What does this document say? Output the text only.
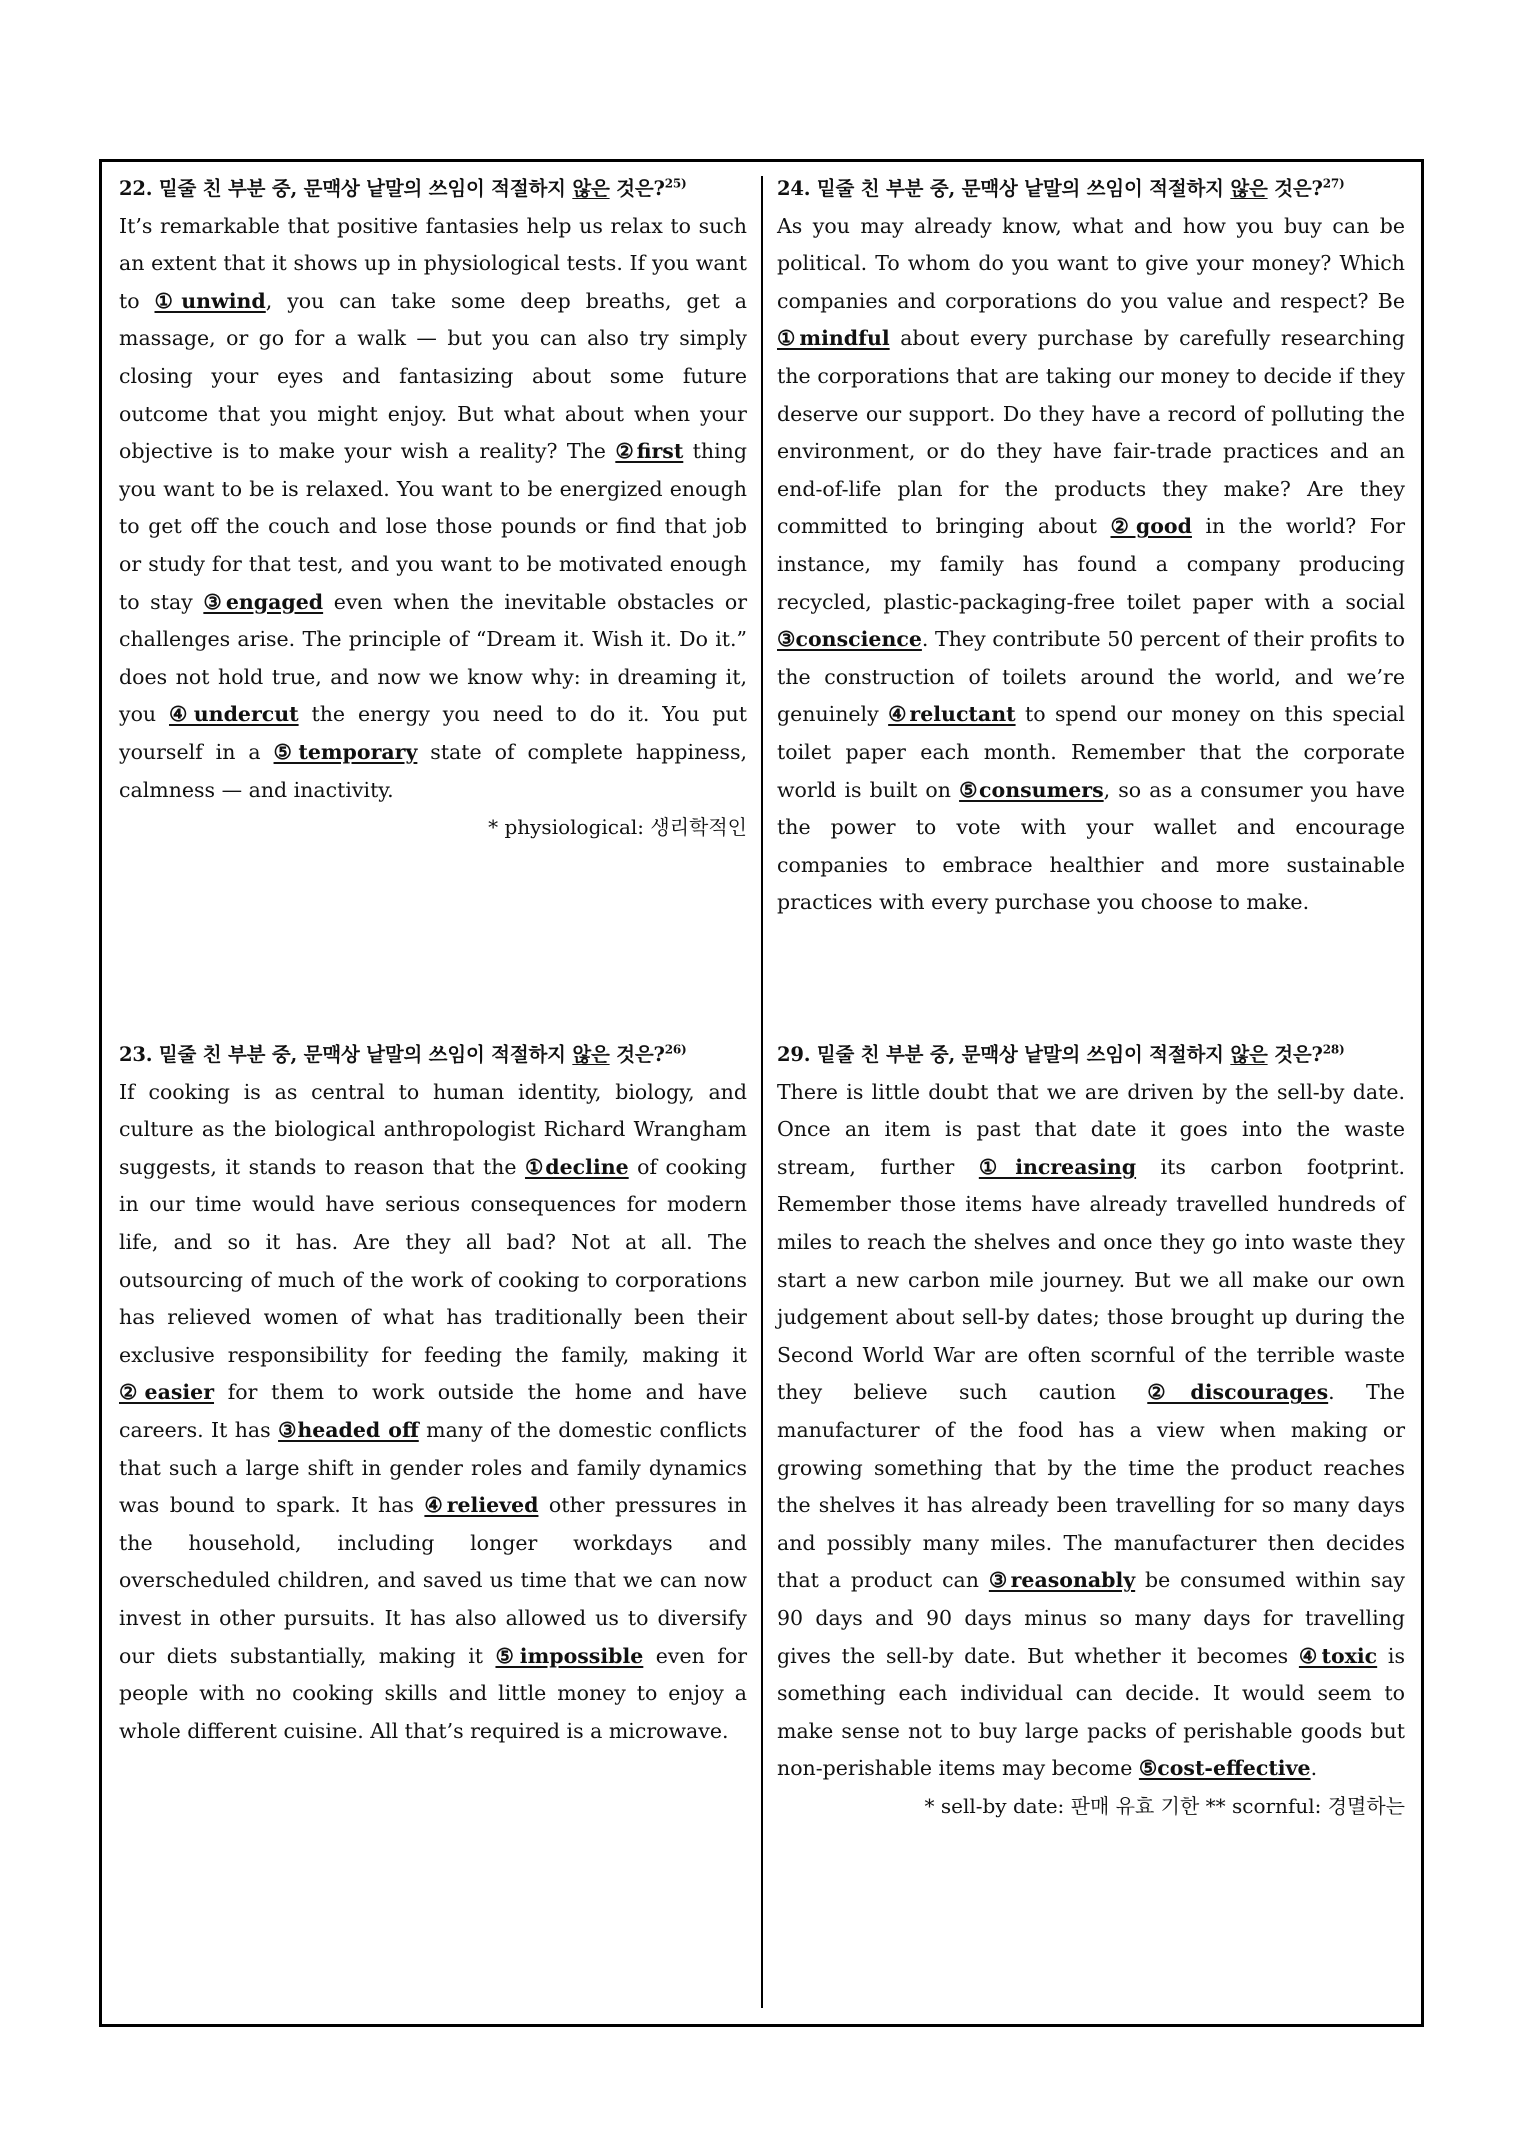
22. 밑줄 친 부분 중, 문맥상 낱말의 쓰임이 적절하지 않은 것은?$^{25)}$
It’s remarkable that positive fantasies help us relax to such an extent that it shows up in physiological tests. If you want to ①unwind, you can take some deep breaths, get a massage, or go for a walk — but you can also try simply closing your eyes and fantasizing about some future outcome that you might enjoy. But what about when your objective is to make your wish a reality? The ②first thing you want to be is relaxed. You want to be energized enough to get off the couch and lose those pounds or find that job or study for that test, and you want to be motivated enough to stay ③engaged even when the inevitable obstacles or challenges arise. The principle of “Dream it. Wish it. Do it.” does not hold true, and now we know why: in dreaming it, you ④undercut the energy you need to do it. You put yourself in a ⑤temporary state of complete happiness, calmness — and inactivity.
* physiological: 생리학적인
24. 밑줄 친 부분 중, 문맥상 낱말의 쓰임이 적절하지 않은 것은?$^{27)}$
As you may already know, what and how you buy can be political. To whom do you want to give your money? Which companies and corporations do you value and respect? Be ①mindful about every purchase by carefully researching the corporations that are taking our money to decide if they deserve our support. Do they have a record of polluting the environment, or do they have fair-trade practices and an end-of-life plan for the products they make? Are they committed to bringing about ②good in the world? For instance, my family has found a company producing recycled, plastic-packaging-free toilet paper with a social ③conscience. They contribute 50 percent of their profits to the construction of toilets around the world, and we’re genuinely ④reluctant to spend our money on this special toilet paper each month. Remember that the corporate world is built on ⑤consumers, so as a consumer you have the power to vote with your wallet and encourage companies to embrace healthier and more sustainable practices with every purchase you choose to make.
23. 밑줄 친 부분 중, 문맥상 낱말의 쓰임이 적절하지 않은 것은?$^{26)}$
If cooking is as central to human identity, biology, and culture as the biological anthropologist Richard Wrangham suggests, it stands to reason that the ①decline of cooking in our time would have serious consequences for modern life, and so it has. Are they all bad? Not at all. The outsourcing of much of the work of cooking to corporations has relieved women of what has traditionally been their exclusive responsibility for feeding the family, making it ②easier for them to work outside the home and have careers. It has ③headed off many of the domestic conflicts that such a large shift in gender roles and family dynamics was bound to spark. It has ④relieved other pressures in the household, including longer workdays and overscheduled children, and saved us time that we can now invest in other pursuits. It has also allowed us to diversify our diets substantially, making it ⑤impossible even for people with no cooking skills and little money to enjoy a whole different cuisine. All that’s required is a microwave.
29. 밑줄 친 부분 중, 문맥상 낱말의 쓰임이 적절하지 않은 것은?$^{28)}$
There is little doubt that we are driven by the sell-by date. Once an item is past that date it goes into the waste stream, further ①increasing its carbon footprint. Remember those items have already travelled hundreds of miles to reach the shelves and once they go into waste they start a new carbon mile journey. But we all make our own judgement about sell-by dates; those brought up during the Second World War are often scornful of the terrible waste they believe such caution ②discourages. The manufacturer of the food has a view when making or growing something that by the time the product reaches the shelves it has already been travelling for so many days and possibly many miles. The manufacturer then decides that a product can ③reasonably be consumed within say 90 days and 90 days minus so many days for travelling gives the sell-by date. But whether it becomes ④toxic is something each individual can decide. It would seem to make sense not to buy large packs of perishable goods but non-perishable items may become ⑤cost-effective.
* sell-by date: 판매 유효 기한 ** scornful: 경멸하는
